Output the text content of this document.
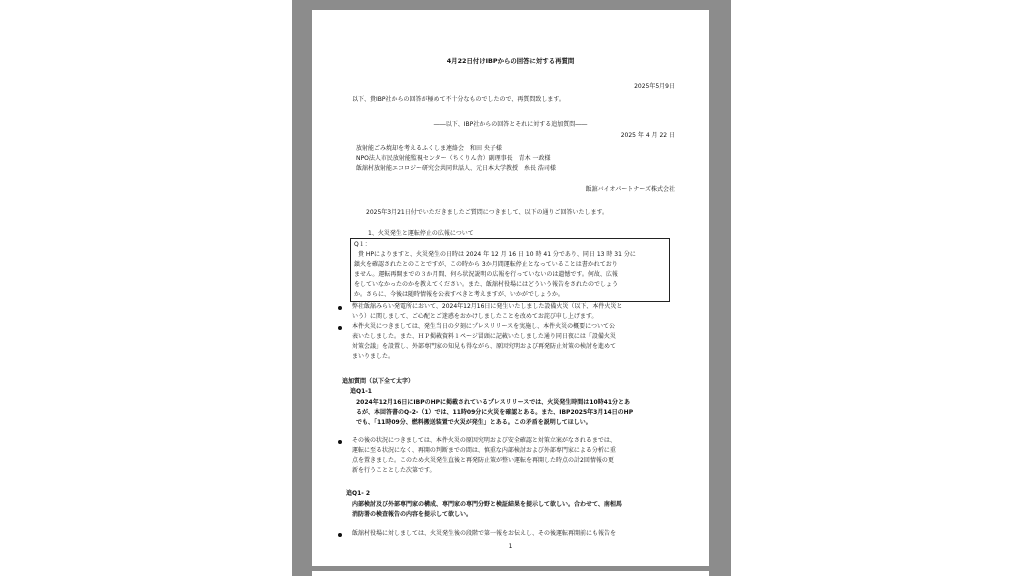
4月22日付けIBPからの回答に対する再質問
2025年5月9日
以下、貴IBP社からの回答が極めて不十分なものでしたので、再質問致します。
――以下、IBP社からの回答とそれに対する追加質問――
2025 年 4 月 22 日
放射能ごみ焼却を考えるふくしま連絡会　和田 央子様
NPO法人市民放射能監視センター（ちくりん舎）副理事長　青木 一政様
飯舘村放射能エコロジー研究会共同世話人、元日本大学教授　糸長 浩司様
飯舘バイオパートナーズ株式会社
2025年3月21日付でいただきましたご質問につきまして、以下の通りご回答いたします。
1、火災発生と運転停止の広報について
Q１：
貴 HPによりますと、火災発生の日時は 2024 年 12 月 16 日 10 時 41 分であり、同日 13 時 31 分に
鎮火を確認されたとのことですが、この時から 3か月間運転停止となっていることは書かれており
ません。運転再開までの３か月間、何ら状況説明の広報を行っていないのは遺憾です。何故、広報
をしていなかったのかを教えてください。また、飯舘村役場にはどういう報告をされたのでしょう
か。さらに、今後は随時情報を公表すべきと考えますが、いかがでしょうか。
弊社飯舘みらい発電所において、2024年12月16日に発生いたしました設備火災（以下、本件火災と
いう）に関しまして、ご心配とご迷惑をおかけしましたことを改めてお詫び申し上げます。
本件火災につきましては、発生当日の夕刻にプレスリリースを実施し、本件火災の概要について公
表いたしました。また、ＨＰ掲載資料１ページ冒頭に記載いたしました通り同日夜には「設備火災
対策会議」を設置し、外部専門家の知見も得ながら、原因究明および再発防止対策の検討を進めて
まいりました。
追加質問（以下全て太字）
追Q1-1
2024年12月16日にIBPのHPに掲載されているプレスリリースでは、火災発生時間は10時41分とあ
るが、本回答書のQ-2-（1）では、11時09分に火災を確認とある。また、IBP2025年3月14日のHP
でも、「11時09分、燃料搬送装置で火災が発生」とある。この矛盾を説明してほしい。
その後の状況につきましては、本件火災の原因究明および安全確認と対策立案がなされるまでは、
運転に至る状況になく、再開の判断までの間は、慎重な内部検討および外部専門家による分析に重
点を置きました。このため火災発生直後と再発防止策が整い運転を再開した時点の計2回情報の更
新を行うこととした次第です。
追Q1- 2
内部検討及び外部専門家の構成、専門家の専門分野と検証結果を提示して欲しい。合わせて、南相馬
消防署の検査報告の内容を提示して欲しい。
飯舘村役場に対しましては、火災発生後の段階で第一報をお伝えし、その後運転再開前にも報告を
1
